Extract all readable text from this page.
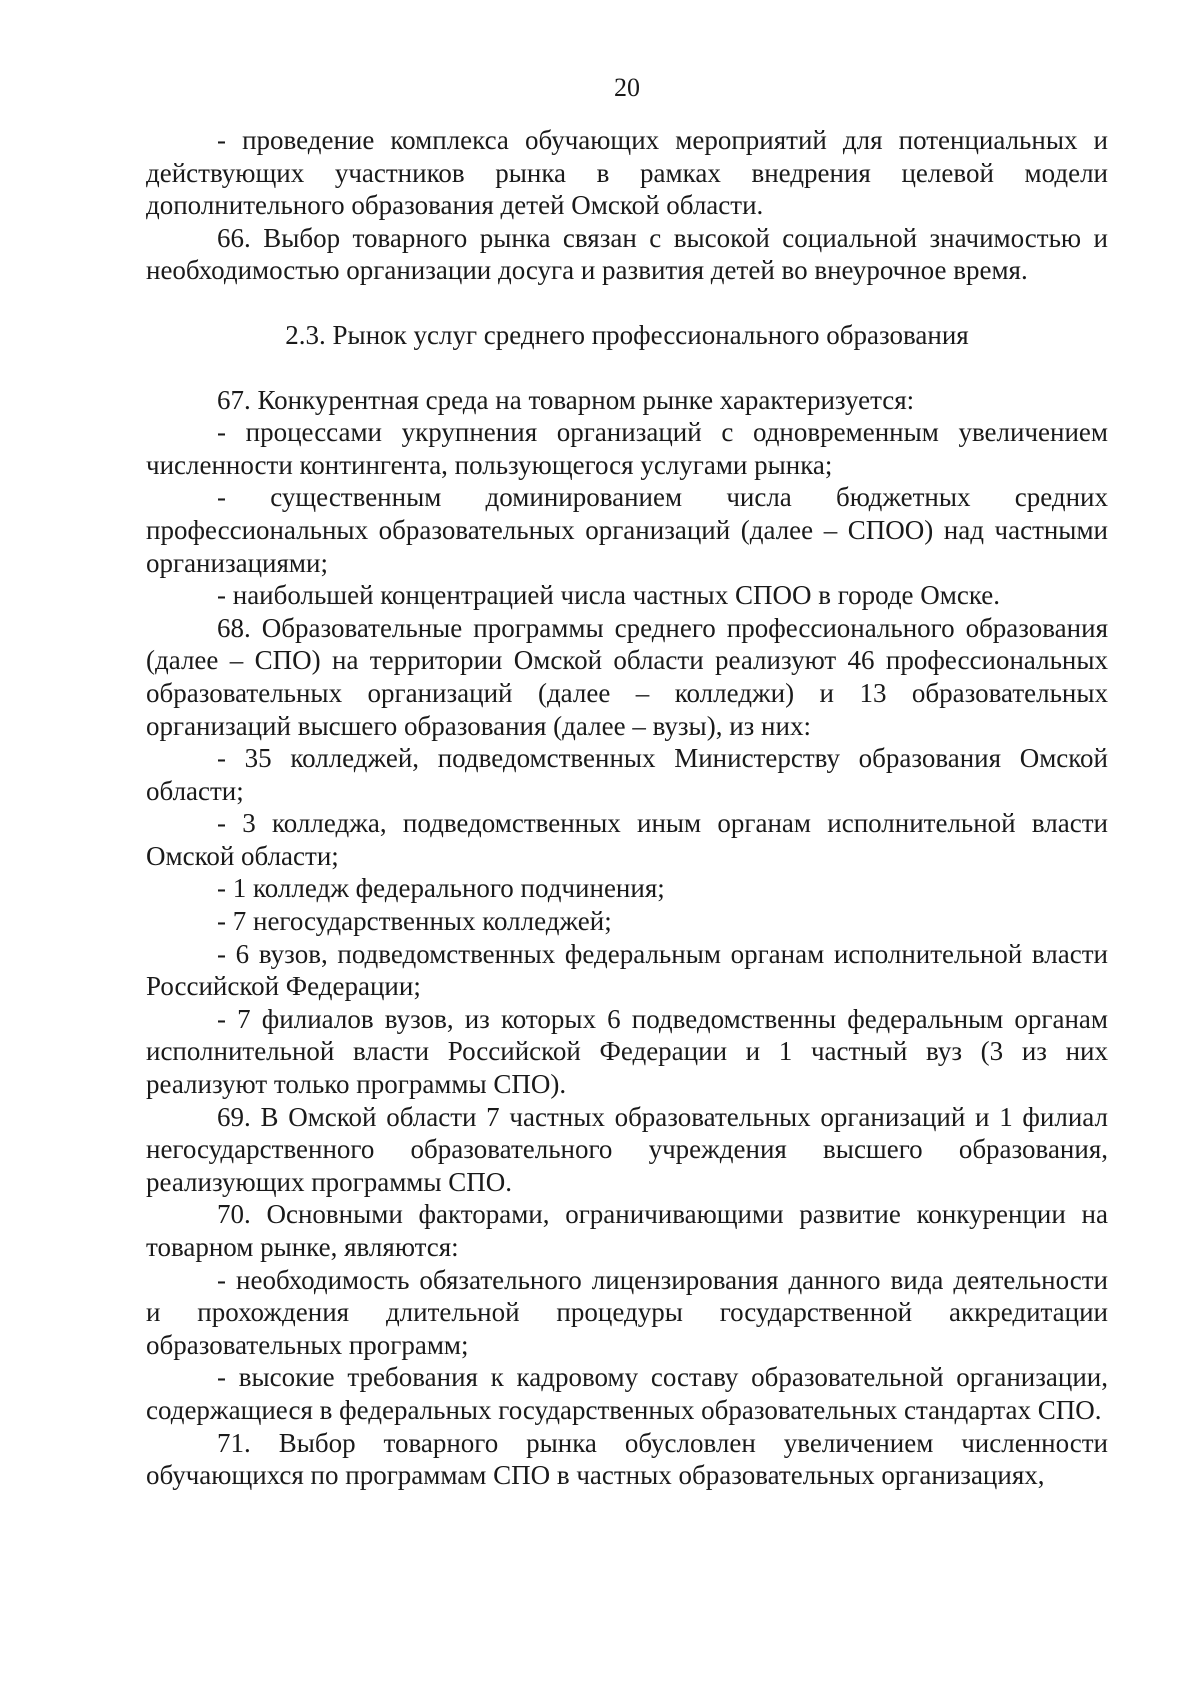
20

- проведение комплекса обучающих мероприятий для потенциальных и действующих участников рынка в рамках внедрения целевой модели дополнительного образования детей Омской области.

66. Выбор товарного рынка связан с высокой социальной значимостью и необходимостью организации досуга и развития детей во внеурочное время.

2.3. Рынок услуг среднего профессионального образования

67. Конкурентная среда на товарном рынке характеризуется:

- процессами укрупнения организаций с одновременным увеличением численности контингента, пользующегося услугами рынка;

- существенным доминированием числа бюджетных средних профессиональных образовательных организаций (далее – СПОО) над частными организациями;

- наибольшей концентрацией числа частных СПОО в городе Омске.

68. Образовательные программы среднего профессионального образования (далее – СПО) на территории Омской области реализуют 46 профессиональных образовательных организаций (далее – колледжи) и 13 образовательных организаций высшего образования (далее – вузы), из них:

- 35 колледжей, подведомственных Министерству образования Омской области;

- 3 колледжа, подведомственных иным органам исполнительной власти Омской области;

- 1 колледж федерального подчинения;

- 7 негосударственных колледжей;

- 6 вузов, подведомственных федеральным органам исполнительной власти Российской Федерации;

- 7 филиалов вузов, из которых 6 подведомственны федеральным органам исполнительной власти Российской Федерации и 1 частный вуз (3 из них реализуют только программы СПО).

69. В Омской области 7 частных образовательных организаций и 1 филиал негосударственного образовательного учреждения высшего образования, реализующих программы СПО.

70. Основными факторами, ограничивающими развитие конкуренции на товарном рынке, являются:

- необходимость обязательного лицензирования данного вида деятельности и прохождения длительной процедуры государственной аккредитации образовательных программ;

- высокие требования к кадровому составу образовательной организации, содержащиеся в федеральных государственных образовательных стандартах СПО.

71. Выбор товарного рынка обусловлен увеличением численности обучающихся по программам СПО в частных образовательных организациях,
